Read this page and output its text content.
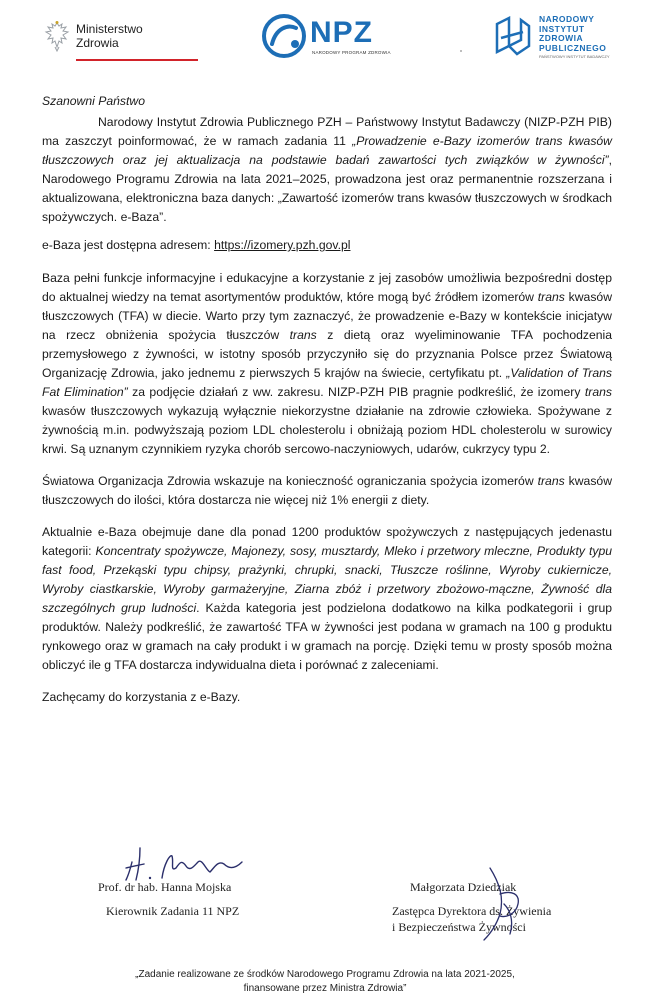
Ministerstwo
Zdrowia	NPZ
NARODOWY PROGRAM ZDROWIA
NARODOWY
INSTYTUT
ZDROWIA
PUBLICZNEGO
PAŃSTWOWY INSTYTUT BADAWCZY
Szanowni Państwo

Narodowy Instytut Zdrowia Publicznego PZH – Państwowy Instytut Badawczy (NIZP-PZH PIB) ma zaszczyt poinformować, że w ramach zadania 11 „Prowadzenie e-Bazy izomerów trans kwasów tłuszczowych oraz jej aktualizacja na podstawie badań zawartości tych związków w żywności”, Narodowego Programu Zdrowia na lata 2021–2025, prowadzona jest oraz permanentnie rozszerzana i aktualizowana, elektroniczna baza danych: „Zawartość izomerów trans kwasów tłuszczowych w środkach spożywczych. e-Baza”.

e-Baza jest dostępna adresem: https://izomery.pzh.gov.pl

Baza pełni funkcje informacyjne i edukacyjne a korzystanie z jej zasobów umożliwia bezpośredni dostęp do aktualnej wiedzy na temat asortymentów produktów, które mogą być źródłem izomerów trans kwasów tłuszczowych (TFA) w diecie. Warto przy tym zaznaczyć, że prowadzenie e-Bazy w kontekście inicjatyw na rzecz obniżenia spożycia tłuszczów trans z dietą oraz wyeliminowanie TFA pochodzenia przemysłowego z żywności, w istotny sposób przyczyniło się do przyznania Polsce przez Światową Organizację Zdrowia, jako jednemu z pierwszych 5 krajów na świecie, certyfikatu pt. „Validation of Trans Fat Elimination” za podjęcie działań z ww. zakresu. NIZP-PZH PIB pragnie podkreślić, że izomery trans kwasów tłuszczowych wykazują wyłącznie niekorzystne działanie na zdrowie człowieka. Spożywane z żywnością m.in. podwyższają poziom LDL cholesterolu i obniżają poziom HDL cholesterolu w surowicy krwi. Są uznanym czynnikiem ryzyka chorób sercowo-naczyniowych, udarów, cukrzycy typu 2.

Światowa Organizacja Zdrowia wskazuje na konieczność ograniczania spożycia izomerów trans kwasów tłuszczowych do ilości, która dostarcza nie więcej niż 1% energii z diety.

Aktualnie e-Baza obejmuje dane dla ponad 1200 produktów spożywczych z następujących jedenastu kategorii: Koncentraty spożywcze, Majonezy, sosy, musztardy, Mleko i przetwory mleczne, Produkty typu fast food, Przekąski typu chipsy, prażynki, chrupki, snacki, Tłuszcze roślinne, Wyroby cukiernicze, Wyroby ciastkarskie, Wyroby garmażeryjne, Ziarna zbóż i przetwory zbożowo-mączne, Żywność dla szczególnych grup ludności. Każda kategoria jest podzielona dodatkowo na kilka podkategorii i grup produktów. Należy podkreślić, że zawartość TFA w żywności jest podana w gramach na 100 g produktu rynkowego oraz w gramach na cały produkt i w gramach na porcję. Dzięki temu w prosty sposób można obliczyć ile g TFA dostarcza indywidualna dieta i porównać z zaleceniami.

Zachęcamy do korzystania z e-Bazy.

Prof. dr hab. Hanna Mojska
Kierownik Zadania 11 NPZ
Małgorzata Dziedziak
Zastępca Dyrektora ds. Żywienia
i Bezpieczeństwa Żywności
„Zadanie realizowane ze środków Narodowego Programu Zdrowia na lata 2021-2025,
finansowane przez Ministra Zdrowia”
